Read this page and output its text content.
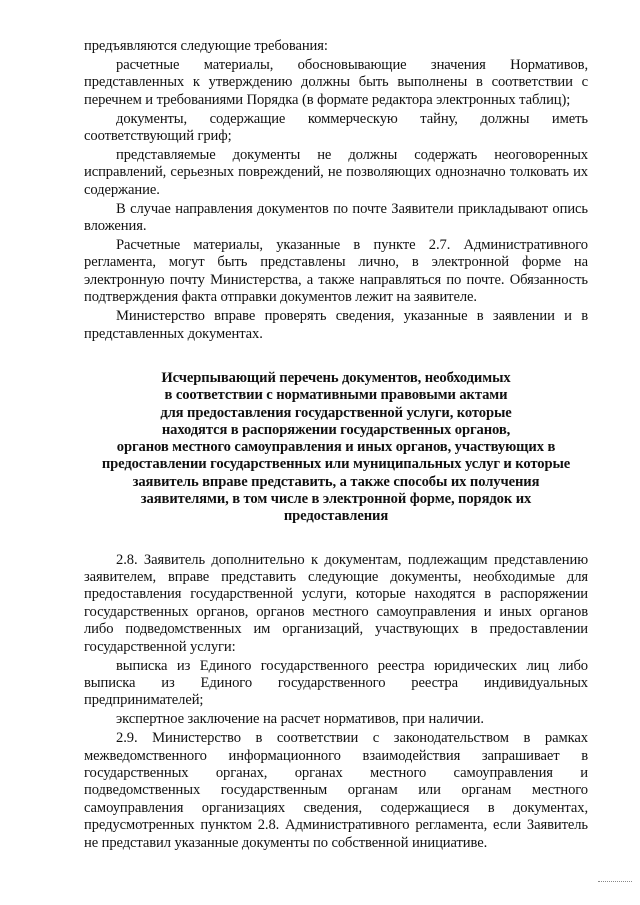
предъявляются следующие требования:

расчетные материалы, обосновывающие значения Нормативов, представленных к утверждению должны быть выполнены в соответствии с перечнем и требованиями Порядка (в формате редактора электронных таблиц);

документы, содержащие коммерческую тайну, должны иметь соответствующий гриф;

представляемые документы не должны содержать неоговоренных исправлений, серьезных повреждений, не позволяющих однозначно толковать их содержание.

В случае направления документов по почте Заявители прикладывают опись вложения.

Расчетные материалы, указанные в пункте 2.7. Административного регламента, могут быть представлены лично, в электронной форме на электронную почту Министерства, а также направляться по почте. Обязанность подтверждения факта отправки документов лежит на заявителе.

Министерство вправе проверять сведения, указанные в заявлении и в представленных документах.

Исчерпывающий перечень документов, необходимых
в соответствии с нормативными правовыми актами
для предоставления государственной услуги, которые
находятся в распоряжении государственных органов,
органов местного самоуправления и иных органов, участвующих в
предоставлении государственных или муниципальных услуг и которые
заявитель вправе представить, а также способы их получения
заявителями, в том числе в электронной форме, порядок их
предоставления

2.8. Заявитель дополнительно к документам, подлежащим представлению заявителем, вправе представить следующие документы, необходимые для предоставления государственной услуги, которые находятся в распоряжении государственных органов, органов местного самоуправления и иных органов либо подведомственных им организаций, участвующих в предоставлении государственной услуги:

выписка из Единого государственного реестра юридических лиц либо выписка из Единого государственного реестра индивидуальных предпринимателей;

экспертное заключение на расчет нормативов, при наличии.

2.9. Министерство в соответствии с законодательством в рамках межведомственного информационного взаимодействия запрашивает в государственных органах, органах местного самоуправления и подведомственных государственным органам или органам местного самоуправления организациях сведения, содержащиеся в документах, предусмотренных пунктом 2.8. Административного регламента, если Заявитель не представил указанные документы по собственной инициативе.
